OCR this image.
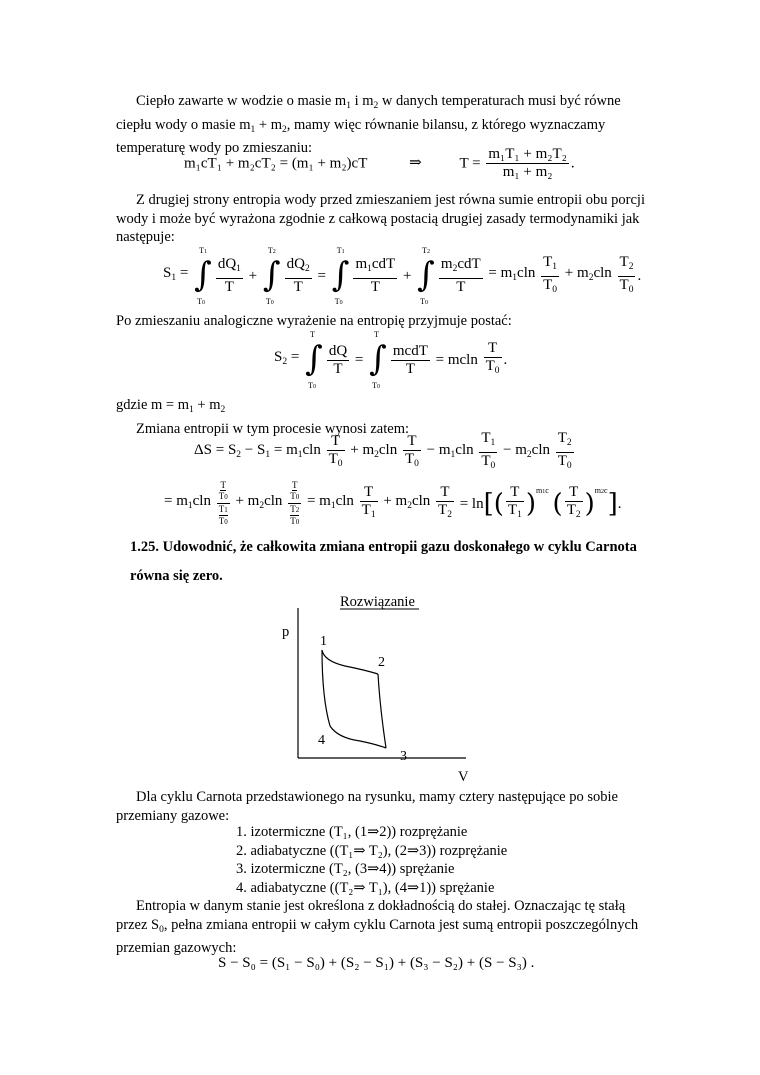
Ciepło zawarte w wodzie o masie $m_1$ i $m_2$ w danych temperaturach musi być równe

ciepłu wody o masie $m_1 + m_2$, mamy więc równanie bilansu, z którego wyznaczamy

temperaturę wody po zmieszaniu:

m₁cT₁ + m₂cT₂ = (m₁ + m₂)cT	⇒	$T = \frac{\text{m₁T₁ + m₂T₂}}{\text{m₁ + m₂}}$ .

Z drugiej strony entropia wody przed zmieszaniem jest równa sumie entropii obu porcji wody i może być wyrażona zgodnie z całkową postacią drugiej zasady termodynamiki jak następuje:

$S_1$ = ∫
T1
T0

$\frac{dQ_1}{T}$ + ∫
T2
T0

$\frac{dQ_2}{T}$ = ∫
T1
T0

$\frac{m_1cdT}{T}$ + ∫
T2
T0

$\frac{m_2cdT}{T} = m_1cln \frac{T_1}{T_0} + m_2cln \frac{T_2}{T_0}$ .

Po zmieszaniu analogiczne wyrażenie na entropię przyjmuje postać:

$S_2$ = ∫
T
T0

$\frac{dQ}{T}$ = ∫
T
T0

$\frac{\text{mcdT}}{T} = mcln \frac{T}{T_0}$ .

gdzie $m = m_1 + m_2$

Zmiana entropii w tym procesie wynosi zatem:

$\Delta S = S_2 - S_1 = m_1cln \frac{T}{T_0} + m_2cln \frac{T}{T_0} - m_1cln \frac{T_1}{T_0} - m_2cln \frac{T_2}{T_0}$
= $m_1cln$
T
T0
T1
T0
+ $m_2cln$
T
T0
T2
T0
= $m_1cln \frac{T}{T_1} + m_2cln \frac{T}{T_2} = \ln[( \frac{T}{T_1} )^{m1c}$ ( $\frac{T}{T_2} )^{m2c}$].

1.25. Udowodnić, że całkowita zmiana entropii gazu doskonałego w cyklu Carnota

równa się zero.

Rozwiązanie
p
V
1
2
3
4

Dla cyklu Carnota przedstawionego na rysunku, mamy cztery następujące po sobie przemiany gazowe:

1. izotermiczne (T₁, (1⇒2)) rozprężanie
2. adiabatyczne ((T₁⇒ T₂), (2⇒3)) rozprężanie
3. izotermiczne (T₂, (3⇒4)) sprężanie
4. adiabatyczne ((T₂⇒ T₁), (4⇒1)) sprężanie

Entropia w danym stanie jest określona z dokładnością do stałej. Oznaczając tę stałą przez $S_0$, pełna zmiana entropii w całym cyklu Carnota jest sumą entropii poszczególnych przemian gazowych:

S − S₀ = (S₁ − S₀) + (S₂ − S₁) + (S₃ − S₂) + (S − S₃) .
